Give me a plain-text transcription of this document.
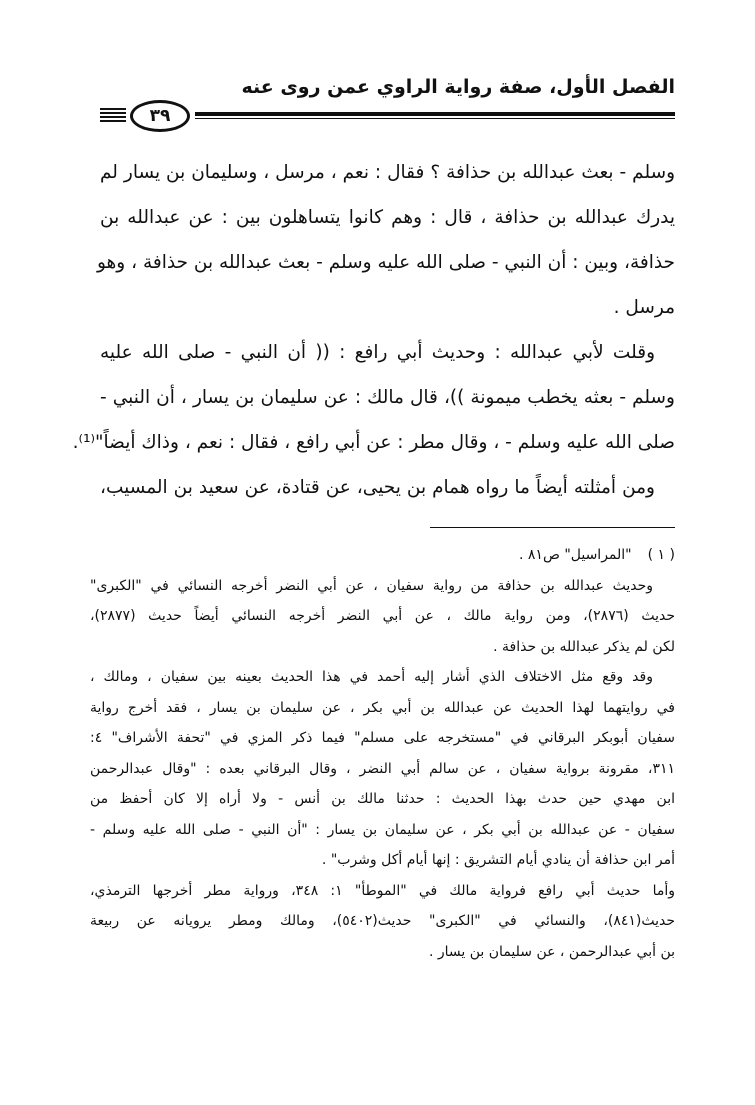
الفصل الأول، صفة رواية الراوي عمن روى عنه
٣٩

وسلم - بعث عبدالله بن حذافة ؟ فقال : نعم ، مرسل ، وسليمان بن يسار لم
يدرك عبدالله بن حذافة ، قال : وهم كانوا يتساهلون بين : عن عبدالله بن
حذافة، وبين : أن النبي - صلى الله عليه وسلم - بعث عبدالله بن حذافة ، وهو
مرسل .

وقلت لأبي عبدالله : وحديث أبي رافع : (( أن النبي - صلى الله عليه
وسلم - بعثه يخطب ميمونة ))، قال مالك : عن سليمان بن يسار ، أن النبي -
صلى الله عليه وسلم - ، وقال مطر : عن أبي رافع ، فقال : نعم ، وذاك أيضاً"⁽¹⁾.

ومن أمثلته أيضاً ما رواه همام بن يحيى، عن قتادة، عن سعيد بن المسيب،

( ١ )"المراسيل" ص٨١ .
وحديث عبدالله بن حذافة من رواية سفيان ، عن أبي النضر أخرجه النسائي في "الكبرى"
حديث (٢٨٧٦)، ومن رواية مالك ، عن أبي النضر أخرجه النسائي أيضاً حديث (٢٨٧٧)،
لكن لم يذكر عبدالله بن حذافة .
وقد وقع مثل الاختلاف الذي أشار إليه أحمد في هذا الحديث بعينه بين سفيان ، ومالك ،
في روايتهما لهذا الحديث عن عبدالله بن أبي بكر ، عن سليمان بن يسار ، فقد أخرج رواية
سفيان أبوبكر البرقاني في "مستخرجه على مسلم" فيما ذكر المزي في "تحفة الأشراف" ٤:
٣١١، مقرونة برواية سفيان ، عن سالم أبي النضر ، وقال البرقاني بعده : "وقال عبدالرحمن
ابن مهدي حين حدث بهذا الحديث : حدثنا مالك بن أنس - ولا أراه إلا كان أحفظ من
سفيان - عن عبدالله بن أبي بكر ، عن سليمان بن يسار : "أن النبي - صلى الله عليه وسلم -
أمر ابن حذافة أن ينادي أيام التشريق : إنها أيام أكل وشرب" .
وأما حديث أبي رافع فرواية مالك في "الموطأ" ١: ٣٤٨، ورواية مطر أخرجها الترمذي،
حديث(٨٤١)، والنسائي في "الكبرى" حديث(٥٤٠٢)، ومالك ومطر يرويانه عن ربيعة
بن أبي عبدالرحمن ، عن سليمان بن يسار .
